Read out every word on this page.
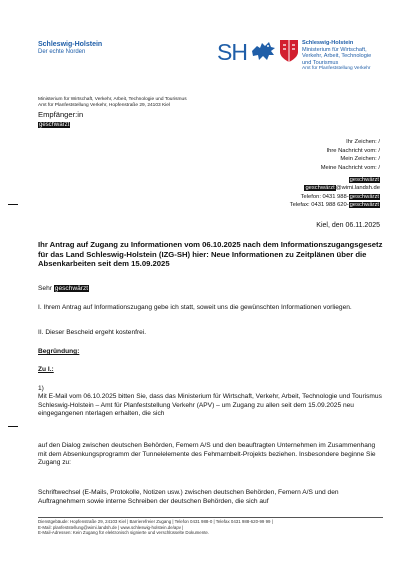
Schleswig-Holstein
Der echte Norden	SH	Schleswig-Holstein
Ministerium für Wirtschaft,
Verkehr, Arbeit, Technologie
und Tourismus
Amt für Planfeststellung Verkehr
Ministerium für Wirtschaft, Verkehr, Arbeit, Technologie und Tourismus
Amt für Planfeststellung Verkehr, Hopfenstraße 29, 24103 Kiel
Empfänger:in
geschwärzt
Ihr Zeichen: /
Ihre Nachricht vom: /
Mein Zeichen: /
Meine Nachricht vom: /
geschwärzt
geschwärzt@wimi.landsh.de
Telefon: 0431 988-geschwärzt
Telefax: 0431 988 620-geschwärzt
Kiel, den 06.11.2025
Ihr Antrag auf Zugang zu Informationen vom 06.10.2025 nach dem Informationszugangsgesetz für das Land Schleswig-Holstein (IZG-SH) hier: Neue Informationen zu Zeitplänen über die Absenkarbeiten seit dem 15.09.2025
Sehr geschwärzt
I. Ihrem Antrag auf Informationszugang gebe ich statt, soweit uns die gewünschten Informationen vorliegen.
II. Dieser Bescheid ergeht kostenfrei.
Begründung:
Zu I.:
1)
Mit E-Mail vom 06.10.2025 bitten Sie, dass das Ministerium für Wirtschaft, Verkehr, Arbeit, Technologie und Tourismus Schleswig-Holstein – Amt für Planfeststellung Verkehr (APV) – um Zugang zu allen seit dem 15.09.2025 neu eingegangenen nterlagen erhalten, die sich
auf den Dialog zwischen deutschen Behörden, Femern A/S und den beauftragten Unternehmen im Zusammenhang mit dem Absenkungsprogramm der Tunnelelemente des Fehmarnbelt-Projekts beziehen. Insbesondere beginne Sie Zugang zu:
Schriftwechsel (E-Mails, Protokolle, Notizen usw.) zwischen deutschen Behörden, Femern A/S und den Auftragnehmern sowie interne Schreiben der deutschen Behörden, die sich auf
Dienstgebäude: Hopfenstraße 29, 24103 Kiel | Barrierefreier Zugang | Telefon 0431 988-0 | Telefax 0431 988-620-99 99 |
E-Mail: planfeststellung@wimi.landsh.de | www.schleswig-holstein.de/apv |
E-Mail-Adressen: Kein Zugang für elektronisch signierte und verschlüsselte Dokumente.
